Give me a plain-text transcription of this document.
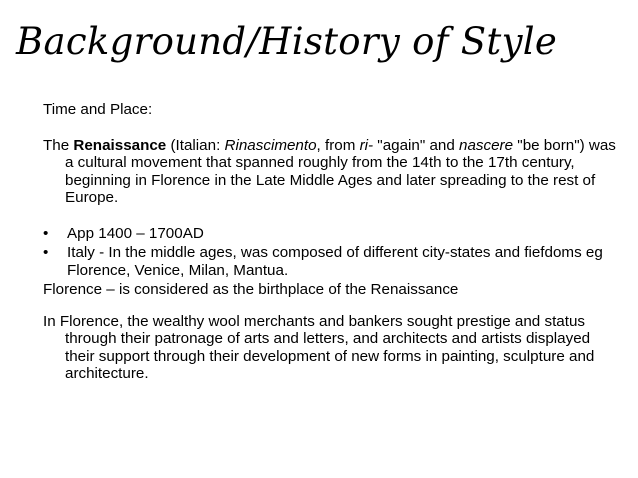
Background/History of Style

Time and Place:

The Renaissance (Italian: Rinascimento, from ri- "again" and nascere "be born") was a cultural movement that spanned roughly from the 14th to the 17th century, beginning in Florence in the Late Middle Ages and later spreading to the rest of Europe.

• App 1400 – 1700AD
• Italy - In the middle ages, was composed of different city-states and fiefdoms eg Florence, Venice, Milan, Mantua.

Florence – is considered as the birthplace of the Renaissance

In Florence, the wealthy wool merchants and bankers sought prestige and status through their patronage of arts and letters, and architects and artists displayed their support through their development of new forms in painting, sculpture and architecture.
